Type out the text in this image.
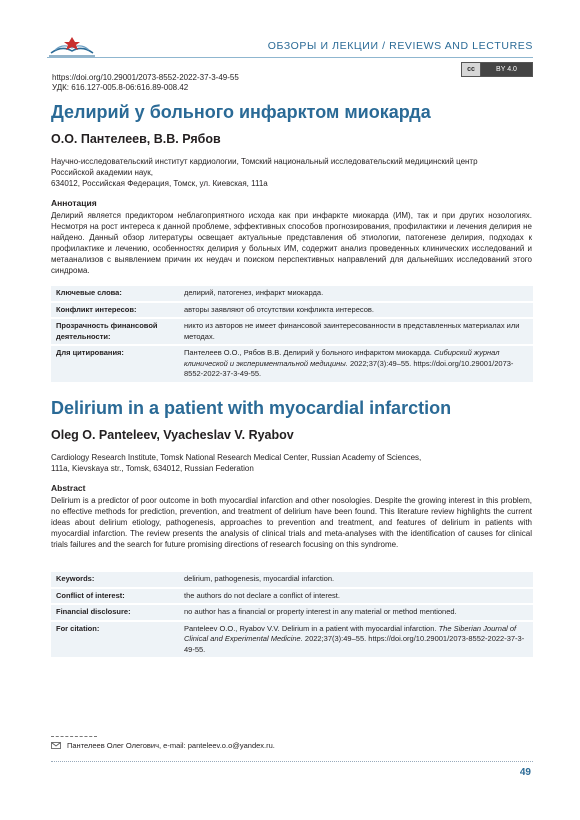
ОБЗОРЫ И ЛЕКЦИИ / REVIEWS AND LECTURES
cc	BY 4.0
https://doi.org/10.29001/2073-8552-2022-37-3-49-55
УДК: 616.127-005.8-06:616.89-008.42
Делирий у больного инфарктом миокарда
О.О. Пантелеев, В.В. Рябов
Научно-исследовательский институт кардиологии, Томский национальный исследовательский медицинский центр
Российской академии наук,
634012, Российская Федерация, Томск, ул. Киевская, 111а
Аннотация
Делирий является предиктором неблагоприятного исхода как при инфаркте миокарда (ИМ), так и при других нозологиях. Несмотря на рост интереса к данной проблеме, эффективных способов прогнозирования, профилактики и лечения делирия не найдено. Данный обзор литературы освещает актуальные представления об этиологии, патогенезе делирия, подходах к профилактике и лечению, особенностях делирия у больных ИМ, содержит анализ проведенных клинических исследований и метаанализов с выявлением причин их неудач и поиском перспективных направлений для дальнейших исследований этого синдрома.
Ключевые слова:	делирий, патогенез, инфаркт миокарда.
Конфликт интересов:	авторы заявляют об отсутствии конфликта интересов.
Прозрачность финансовой деятельности:	никто из авторов не имеет финансовой заинтересованности в представленных материалах или методах.
Для цитирования:	Пантелеев О.О., Рябов В.В. Делирий у больного инфарктом миокарда. Сибирский журнал клинической и экспериментальной медицины. 2022;37(3):49–55. https://doi.org/10.29001/2073-8552-2022-37-3-49-55.
Delirium in a patient with myocardial infarction
Oleg O. Panteleev, Vyacheslav V. Ryabov
Cardiology Research Institute, Tomsk National Research Medical Center, Russian Academy of Sciences,
111a, Kievskaya str., Tomsk, 634012, Russian Federation
Abstract
Delirium is a predictor of poor outcome in both myocardial infarction and other nosologies. Despite the growing interest in this problem, no effective methods for prediction, prevention, and treatment of delirium have been found. This literature review highlights the current ideas about delirium etiology, pathogenesis, approaches to prevention and treatment, and features of delirium in patients with myocardial infarction. The review presents the analysis of clinical trials and meta-analyses with the identification of causes for clinical trials failures and the search for future promising directions of research focusing on this syndrome.
Keywords:	delirium, pathogenesis, myocardial infarction.
Conflict of interest:	the authors do not declare a conflict of interest.
Financial disclosure:	no author has a financial or property interest in any material or method mentioned.
For citation:	Panteleev O.O., Ryabov V.V. Delirium in a patient with myocardial infarction. The Siberian Journal of Clinical and Experimental Medicine. 2022;37(3):49–55. https://doi.org/10.29001/2073-8552-2022-37-3-49-55.
Пантелеев Олег Олегович, e-mail: panteleev.o.o@yandex.ru.
49
